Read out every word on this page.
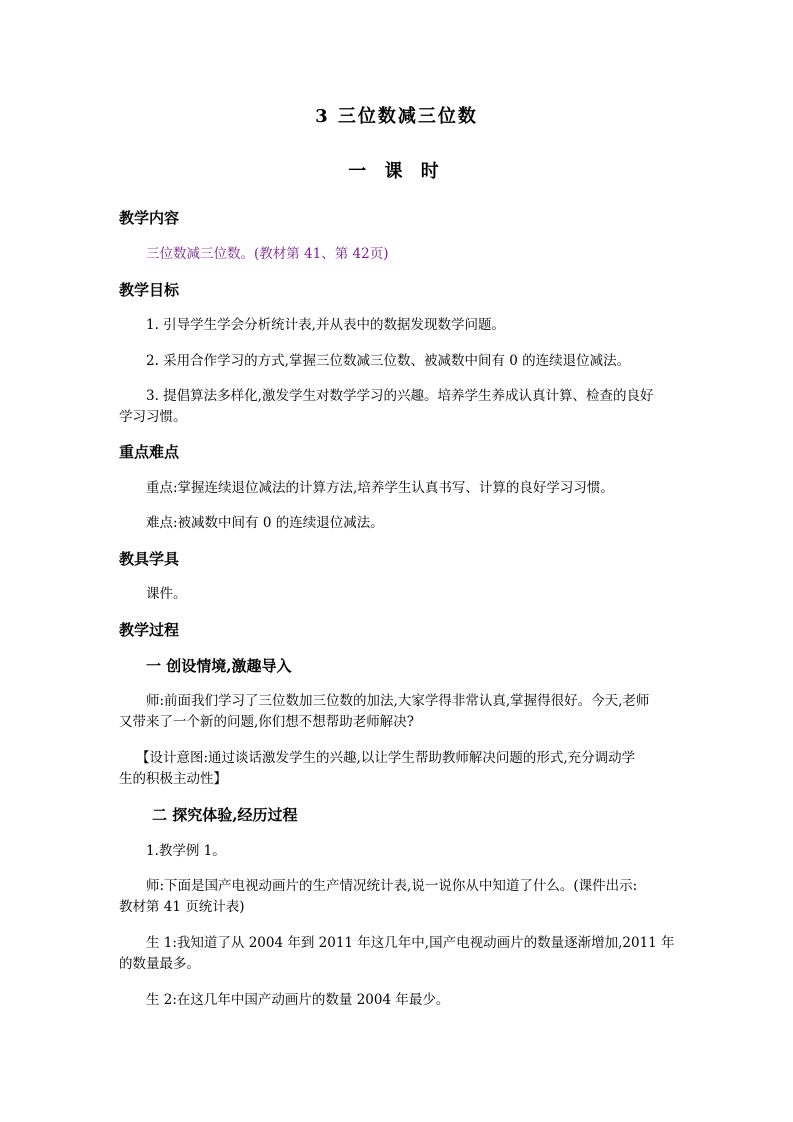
3 三位数减三位数
一 课 时
教学内容
三位数减三位数。(教材第 41、第 42页)
教学目标
1. 引导学生学会分析统计表,并从表中的数据发现数学问题。
2. 采用合作学习的方式,掌握三位数减三位数、被减数中间有 0 的连续退位减法。
3. 提倡算法多样化,激发学生对数学学习的兴趣。培养学生养成认真计算、检查的良好
学习习惯。
重点难点
重点:掌握连续退位减法的计算方法,培养学生认真书写、计算的良好学习习惯。
难点:被减数中间有 0 的连续退位减法。
教具学具
课件。
教学过程
一 创设情境,激趣导入
师:前面我们学习了三位数加三位数的加法,大家学得非常认真,掌握得很好。今天,老师
又带来了一个新的问题,你们想不想帮助老师解决?
【设计意图:通过谈话激发学生的兴趣,以让学生帮助教师解决问题的形式,充分调动学
生的积极主动性】
二 探究体验,经历过程
1.教学例 1。
师:下面是国产电视动画片的生产情况统计表,说一说你从中知道了什么。(课件出示:
教材第 41 页统计表)
生 1:我知道了从 2004 年到 2011 年这几年中,国产电视动画片的数量逐渐增加,2011 年
的数量最多。
生 2:在这几年中国产动画片的数量 2004 年最少。
